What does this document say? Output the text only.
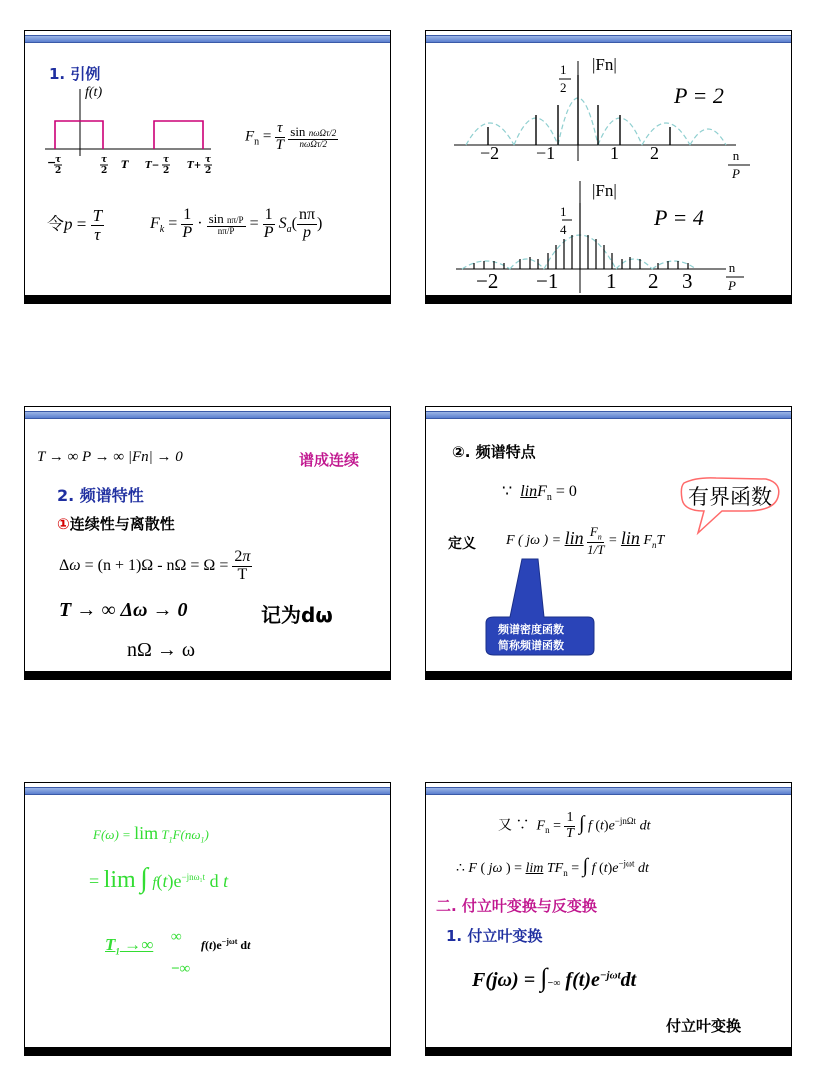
1. 引例
−
τ
2
τ
2 T T−
τ
2 T+
τ
2
f(t)
$F_n = \frac{\tau}{T}$
$\frac{\text{sin nωΩτ/2}}{\text{nωΩτ/2}}$
令$p = \frac{T}{\tau}$	$F_k = \frac{1}{P} \cdot \frac{\text{sin nπ/P}}{n\pi/P} = \frac{1}{P} S_a( \frac{n\pi}{p}$ )
1
2
|Fn|
P = 2
−2 −1	1 2	n
P
1
4
|Fn|
P = 4
−2 −1 1 2 3
n
P
T → ∞ P → ∞ |Fn| → 0	谱成连续
2. 频谱特性
①连续性与离散性
$\Delta\omega = (n + 1)\Omega - n\Omega = \Omega = \frac{2\pi}{T}$
T → ∞ Δω → 0	记为dω
nΩ → ω
②. 频谱特点
∵  linF$_n$ = 0	有界函数
定义 F ( jω ) = lin $\frac{F_n}{1/T}$ = lin $F_nT$
频谱密度函数
简称频谱函数
$F(\omega) = \lim T_1F(n\omega_1)$
= lim ∫ $f(t)e^{-jn\omega_1t}$ d t
$T_1$ →∞ ∞
−∞
$f(t)e^{-j\omega t}$ dt
又 ∵  $F_n = \frac{1}{T}$ ∫ f $(t)e^{-jn\Omega t}$ dt
∴ F ( jω ) = $\lim TF_n$ = ∫ f $(t)e^{-j\omega t}$ dt
二. 付立叶变换与反变换
1. 付立叶变换
F(jω) = ∫−∞ $f(t)e^{-j\omega t}dt$
付立叶变换
